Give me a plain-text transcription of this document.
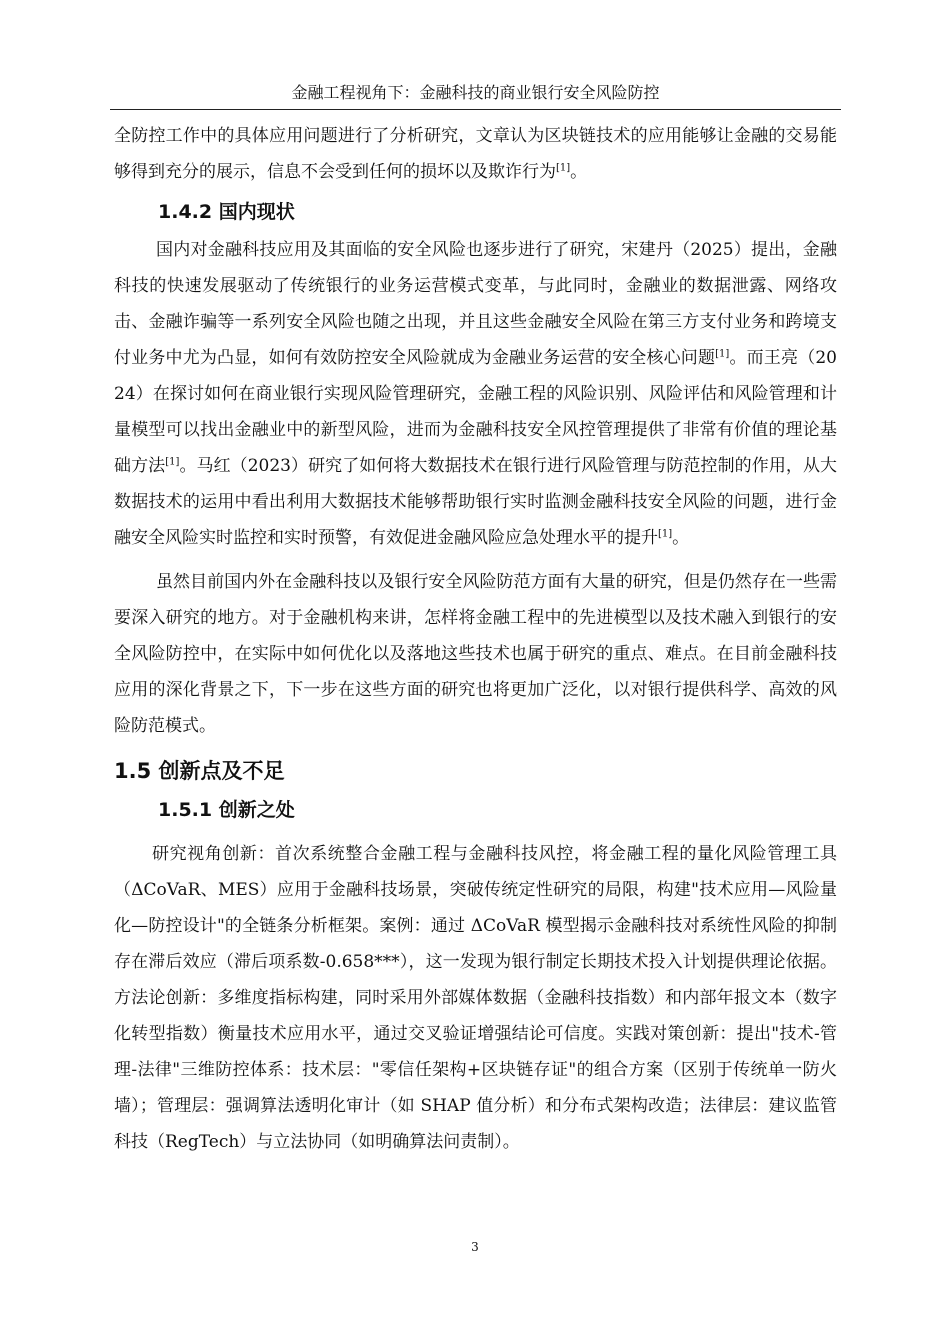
金融工程视角下：金融科技的商业银行安全风险防控

全防控工作中的具体应用问题进行了分析研究，文章认为区块链技术的应用能够让金融的交易能够得到充分的展示，信息不会受到任何的损坏以及欺诈行为[1]。

1.4.2 国内现状

国内对金融科技应用及其面临的安全风险也逐步进行了研究，宋建丹（2025）提出，金融科技的快速发展驱动了传统银行的业务运营模式变革，与此同时，金融业的数据泄露、网络攻击、金融诈骗等一系列安全风险也随之出现，并且这些金融安全风险在第三方支付业务和跨境支付业务中尤为凸显，如何有效防控安全风险就成为金融业务运营的安全核心问题[1]。而王亮（2024）在探讨如何在商业银行实现风险管理研究，金融工程的风险识别、风险评估和风险管理和计量模型可以找出金融业中的新型风险，进而为金融科技安全风控管理提供了非常有价值的理论基础方法[1]。马红（2023）研究了如何将大数据技术在银行进行风险管理与防范控制的作用，从大数据技术的运用中看出利用大数据技术能够帮助银行实时监测金融科技安全风险的问题，进行金融安全风险实时监控和实时预警，有效促进金融风险应急处理水平的提升[1]。

虽然目前国内外在金融科技以及银行安全风险防范方面有大量的研究，但是仍然存在一些需要深入研究的地方。对于金融机构来讲，怎样将金融工程中的先进模型以及技术融入到银行的安全风险防控中，在实际中如何优化以及落地这些技术也属于研究的重点、难点。在目前金融科技应用的深化背景之下，下一步在这些方面的研究也将更加广泛化，以对银行提供科学、高效的风险防范模式。

1.5 创新点及不足
1.5.1 创新之处

研究视角创新：首次系统整合金融工程与金融科技风控，将金融工程的量化风险管理工具（ΔCoVaR、MES）应用于金融科技场景，突破传统定性研究的局限，构建"技术应用—风险量化—防控设计"的全链条分析框架。案例：通过 ΔCoVaR 模型揭示金融科技对系统性风险的抑制存在滞后效应（滞后项系数-0.658***），这一发现为银行制定长期技术投入计划提供理论依据。方法论创新：多维度指标构建，同时采用外部媒体数据（金融科技指数）和内部年报文本（数字化转型指数）衡量技术应用水平，通过交叉验证增强结论可信度。实践对策创新：提出"技术-管理-法律"三维防控体系：技术层："零信任架构+区块链存证"的组合方案（区别于传统单一防火墙）；管理层：强调算法透明化审计（如 SHAP 值分析）和分布式架构改造；法律层：建议监管科技（RegTech）与立法协同（如明确算法问责制）。

3
